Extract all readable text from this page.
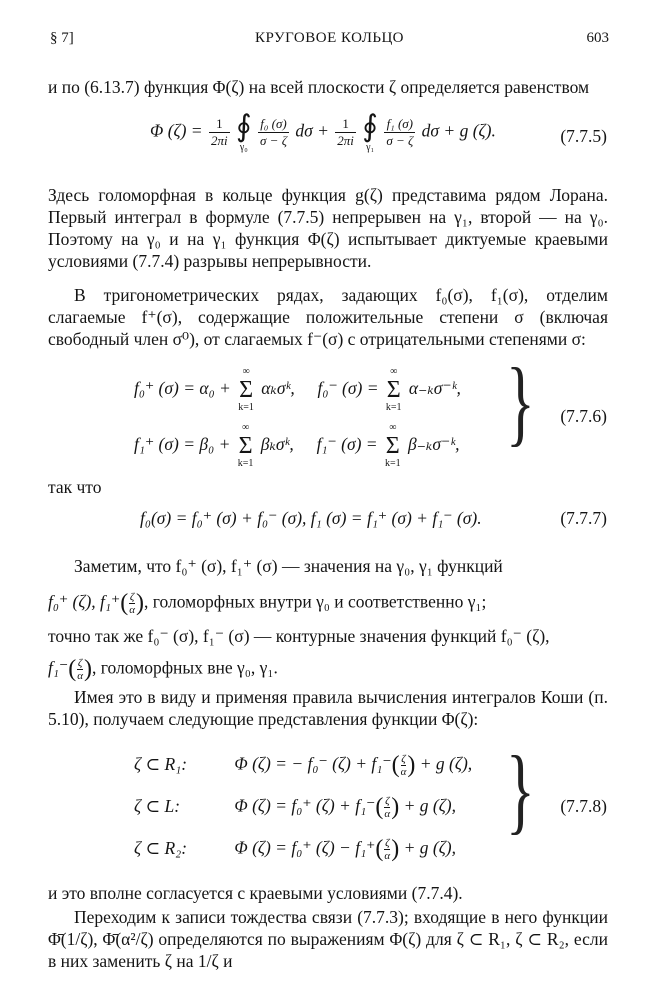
§ 7]	КРУГОВОЕ КОЛЬЦО	603
и по (6.13.7) функция Φ(ζ) на всей плоскости ζ определяется равенством
Φ $(\zeta) = \frac{1}{2\pi i}$
∮
γ₀
$\frac{\text{f₀ (σ)}}{\sigma - \zeta}$ $d\sigma + \frac{1}{2\pi i}$
∮
γ₁
$\frac{\text{f₁ (σ)}}{\sigma - \zeta}$ dσ + g (ζ).	(7.7.5)
Здесь голоморфная в кольце функция g(ζ) представима рядом Лорана. Первый интеграл в формуле (7.7.5) непрерывен на γ₁, второй — на γ₀. Поэтому на γ₀ и на γ₁ функция Φ(ζ) испытывает диктуемые краевыми условиями (7.7.4) разрывы непрерывности.
В тригонометрических рядах, задающих f₀(σ), f₁(σ), отделим слагаемые f⁺(σ), содержащие положительные степени σ (включая свободный член σ⁰), от слагаемых f⁻(σ) с отрицательными степенями σ:
f₀⁺ (σ) = α₀ +
∞
Σ
k=1
αₖσᵏ, f₀⁻ (σ) =
∞
Σ
k=1
α₋ₖσ⁻ᵏ,
f₁⁺ (σ) = β₀ +
∞
Σ
k=1
βₖσᵏ, f₁⁻ (σ) =
∞
Σ
k=1
β₋ₖσ⁻ᵏ, } (7.7.6)
так что
f₀(σ) = f₀⁺ (σ) + f₀⁻ (σ), f₁ (σ) = f₁⁺ (σ) + f₁⁻ (σ).	(7.7.7)
Заметим, что f₀⁺ (σ), f₁⁺ (σ) — значения на γ₀, γ₁ функций
f₀⁺ (ζ), $f_1^+( \frac{\zeta}{\alpha})$, голоморфных внутри γ₀ и соответственно γ₁;
точно так же f₀⁻ (σ), f₁⁻ (σ) — контурные значения функций f₀⁻ (ζ),
$f_1^-( \frac{\zeta}{\alpha})$, голоморфных вне γ₀, γ₁.
Имея это в виду и применяя правила вычисления интегралов Коши (п. 5.10), получаем следующие представления функции Φ(ζ):
ζ ⊂ R₁:	Φ (ζ) = − f₀⁻ $(\zeta) + f_1^-( \frac{\zeta}{\alpha}) + g$ (ζ),
ζ ⊂ L:	Φ (ζ) = f₀⁺ $(\zeta) + f_1^-( \frac{\zeta}{\alpha}) + g$ (ζ),
ζ ⊂ R₂:	Φ (ζ) = f₀⁺ $(\zeta) - f_1^+( \frac{\zeta}{\alpha}) + g$ (ζ),
} (7.7.8)
и это вполне согласуется с краевыми условиями (7.7.4).
Переходим к записи тождества связи (7.7.3); входящие в него функции Φ̄(1/ζ), Φ̄(α²/ζ) определяются по выражениям Φ(ζ) для ζ ⊂ R₁, ζ ⊂ R₂, если в них заменить ζ на 1/ζ и
